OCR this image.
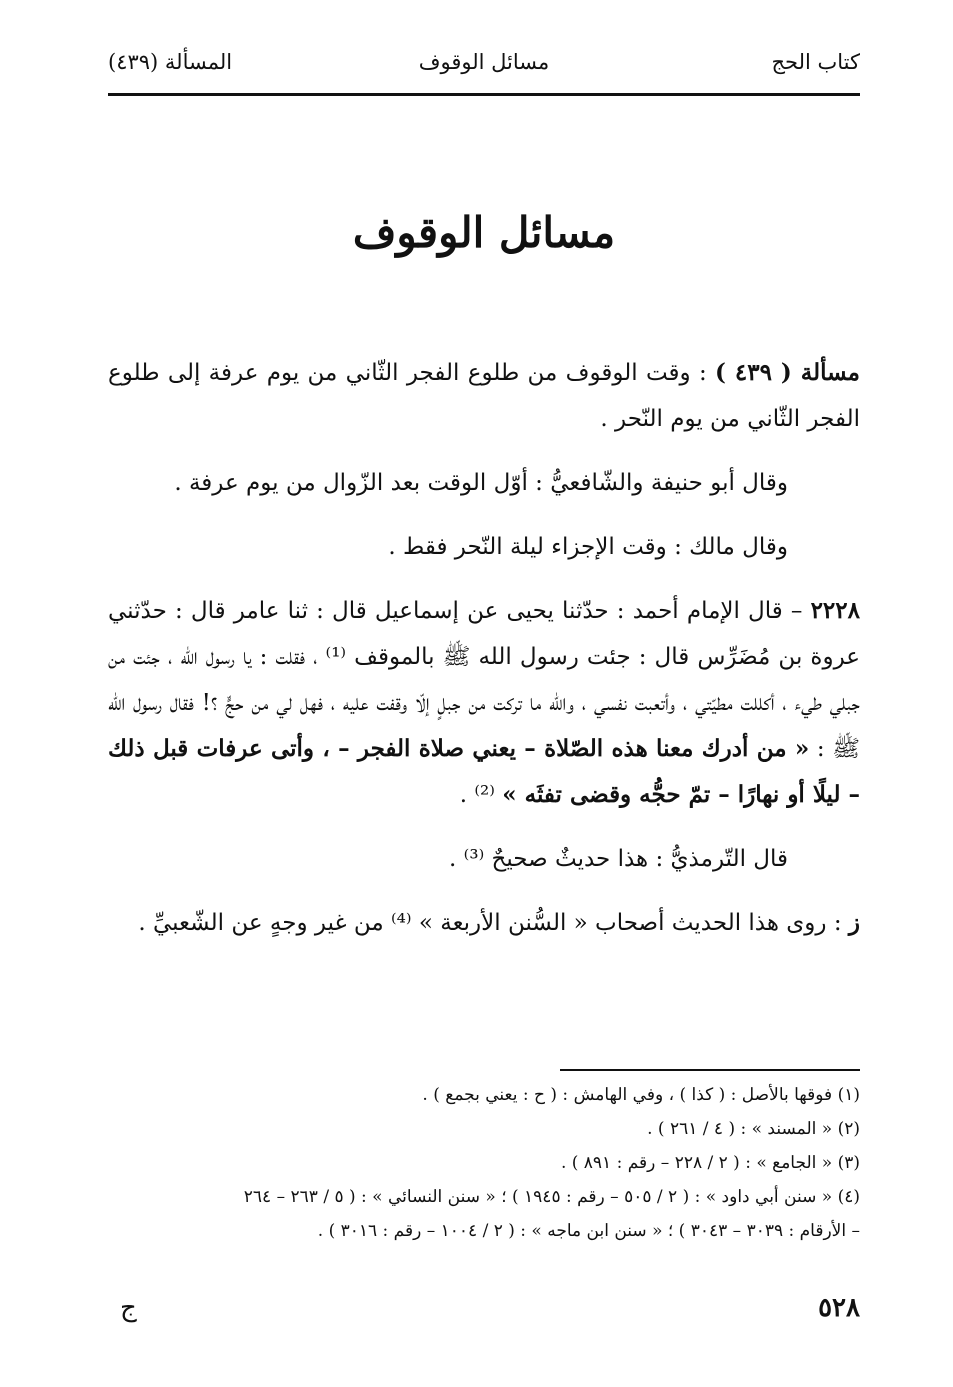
كتاب الحج
مسائل الوقوف
المسألة (٤٣٩)
مسائل الوقوف

مسألة ( ٤٣٩ ) : وقت الوقوف من طلوع الفجر الثّاني من يوم عرفة إلى طلوع الفجر الثّاني من يوم النّحر .

وقال أبو حنيفة والشّافعيُّ : أوّل الوقت بعد الزّوال من يوم عرفة .

وقال مالك : وقت الإجزاء ليلة النّحر فقط .

٢٢٢٨ – قال الإمام أحمد : حدّثنا يحيى عن إسماعيل قال : ثنا عامر قال : حدّثني عروة بن مُضَرِّس قال : جئت رسول الله ﷺ بالموقف ⁽¹⁾ ، فقلت : يا رسول الله ، جئت من جبلي طيء ، أكللت مطيّتي ، وأتعبت نفسي ، والله ما تركت من جبلٍ إلّا وقفت عليه ، فهل لي من حجٍّ ؟! فقال رسول الله ﷺ : « من أدرك معنا هذه الصّلاة – يعني صلاة الفجر – ، وأتى عرفات قبل ذلك – ليلًا أو نهارًا – تمّ حجُّه وقضى تفثَه » ⁽²⁾ .

قال التّرمذيُّ : هذا حديثٌ صحيحٌ ⁽³⁾ .

ز : روى هذا الحديث أصحاب « السُّنن الأربعة » ⁽⁴⁾ من غير وجهٍ عن الشّعبيِّ .

(١) فوقها بالأصل : ( كذا ) ، وفي الهامش : ( ح : يعني بجمع ) .
(٢) « المسند » : ( ٤ / ٢٦١ ) .
(٣) « الجامع » : ( ٢ / ٢٢٨ – رقم : ٨٩١ ) .
(٤) « سنن أبي داود » : ( ٢ / ٥٠٥ – رقم : ١٩٤٥ ) ؛ « سنن النسائي » : ( ٥ / ٢٦٣ – ٢٦٤
– الأرقام : ٣٠٣٩ – ٣٠٤٣ ) ؛ « سنن ابن ماجه » : ( ٢ / ١٠٠٤ – رقم : ٣٠١٦ ) .
٥٢٨
ج
